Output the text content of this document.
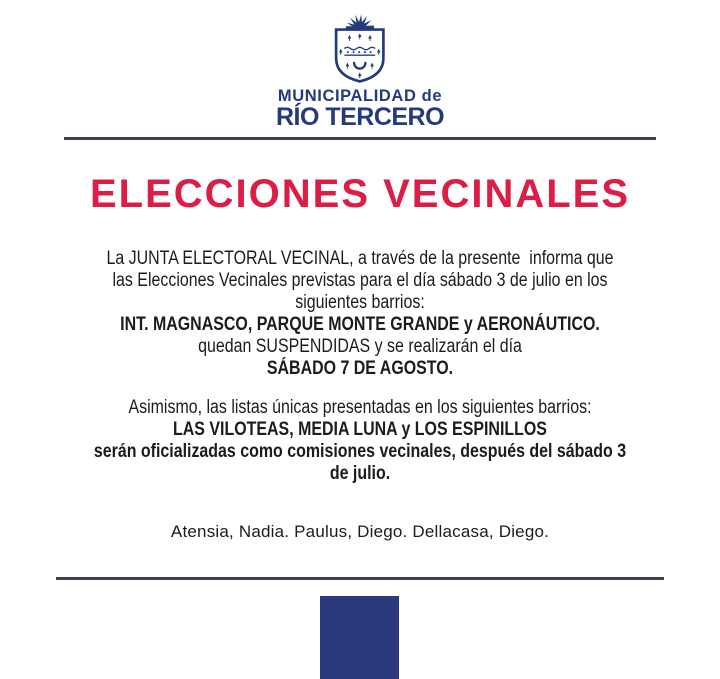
MUNICIPALIDAD de
RÍO TERCERO
ELECCIONES VECINALES
La JUNTA ELECTORAL VECINAL, a través de la presente  informa que
las Elecciones Vecinales previstas para el día sábado 3 de julio en los
siguientes barrios:
INT. MAGNASCO, PARQUE MONTE GRANDE y AERONÁUTICO.
quedan SUSPENDIDAS y se realizarán el día
SÁBADO 7 DE AGOSTO.
Asimismo, las listas únicas presentadas en los siguientes barrios:
LAS VILOTEAS, MEDIA LUNA y LOS ESPINILLOS
serán oficializadas como comisiones vecinales, después del sábado 3
de julio.
Atensia, Nadia. Paulus, Diego. Dellacasa, Diego.
